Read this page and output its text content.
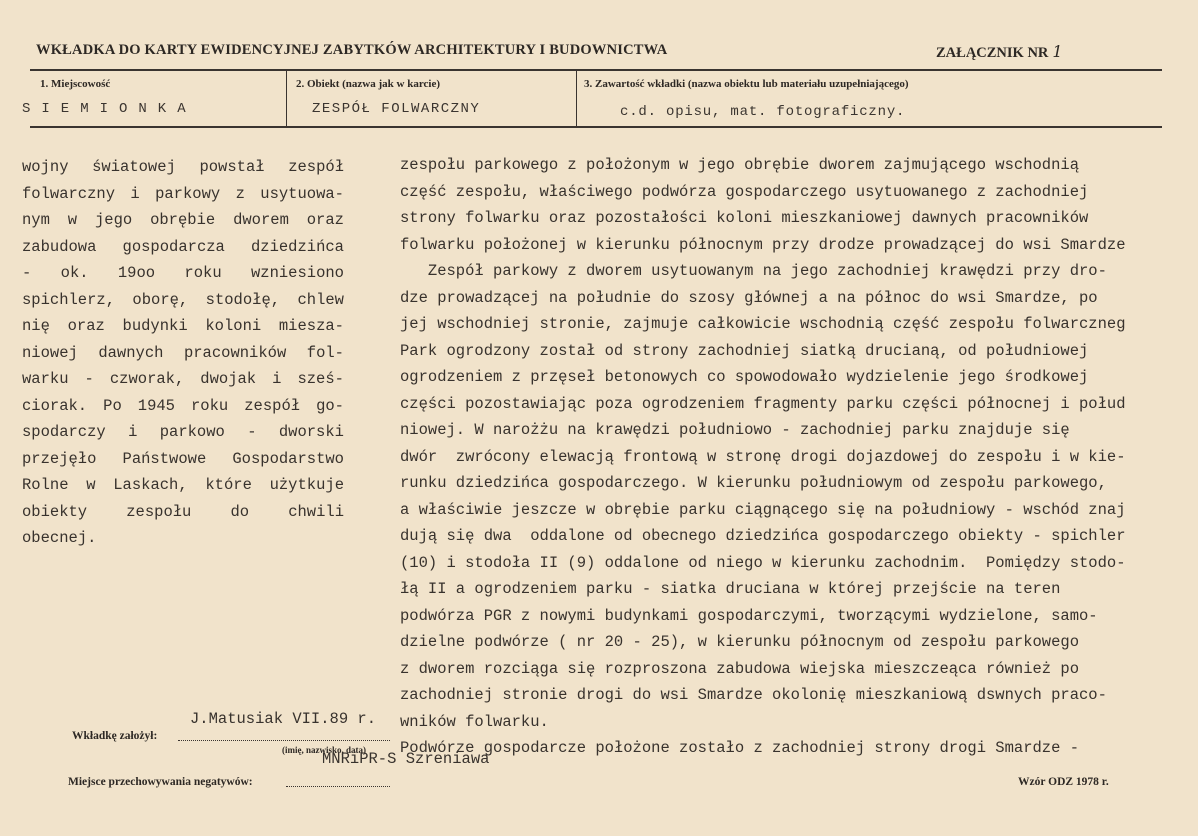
WKŁADKA DO KARTY EWIDENCYJNEJ ZABYTKÓW ARCHITEKTURY I BUDOWNICTWA	ZAŁĄCZNIK NR 1
1. Miejscowość	2. Obiekt (nazwa jak w karcie)	3. Zawartość wkładki (nazwa obiektu lub materiału uzupełniającego)
SIEMIONKA	ZESPÓŁ FOLWARCZNY	c.d. opisu, mat. fotograficzny.
wojny światowej powstał zespół
folwarczny i parkowy z usytuowa-
nym w jego obrębie dworem oraz
zabudowa gospodarcza dziedzińca
- ok. 19oo roku wzniesiono
spichlerz, oborę, stodołę, chlew
nię oraz budynki koloni miesza-
niowej dawnych pracowników fol-
warku - czworak, dwojak i sześ-
ciorak. Po 1945 roku zespół go-
spodarczy i parkowo - dworski
przejęło Państwowe Gospodarstwo
Rolne w Laskach, które użytkuje
obiekty	zespołu	do	chwili
obecnej.
zespołu parkowego z położonym w jego obrębie dworem zajmującego wschodnią
część zespołu, właściwego podwórza gospodarczego usytuowanego z zachodniej
strony folwarku oraz pozostałości koloni mieszkaniowej dawnych pracowników
folwarku położonej w kierunku północnym przy drodze prowadzącej do wsi Smardze
Zespół parkowy z dworem usytuowanym na jego zachodniej krawędzi przy dro-
dze prowadzącej na południe do szosy głównej a na północ do wsi Smardze, po
jej wschodniej stronie, zajmuje całkowicie wschodnią część zespołu folwarczneg
Park ogrodzony został od strony zachodniej siatką drucianą, od południowej
ogrodzeniem z przęseł betonowych co spowodowało wydzielenie jego środkowej
części pozostawiając poza ogrodzeniem fragmenty parku części północnej i połud
niowej. W narożżu na krawędzi południowo - zachodniej parku znajduje się
dwór  zwrócony elewacją frontową w stronę drogi dojazdowej do zespołu i w kie-
runku dziedzińca gospodarczego. W kierunku południowym od zespołu parkowego,
a właściwie jeszcze w obrębie parku ciągnącego się na południowy - wschód znaj
dują się dwa  oddalone od obecnego dziedzińca gospodarczego obiekty - spichler
(10) i stodoła II (9) oddalone od niego w kierunku zachodnim.  Pomiędzy stodo-
łą II a ogrodzeniem parku - siatka druciana w której przejście na teren
podwórza PGR z nowymi budynkami gospodarczymi, tworzącymi wydzielone, samo-
dzielne podwórze ( nr 20 - 25), w kierunku północnym od zespołu parkowego
z dworem rozciąga się rozproszona zabudowa wiejska mieszczeąca również po
zachodniej stronie drogi do wsi Smardze okolonię mieszkaniową dswnych praco-
wników folwarku.
Podwórze gospodarcze położone zostało z zachodniej strony drogi Smardze -
J.Matusiak VII.89 r.
Wkładkę założył:
(imię, nazwisko, data)
MNRiPR-S Szreniawa
Miejsce przechowywania negatywów:	Wzór ODZ 1978 r.
